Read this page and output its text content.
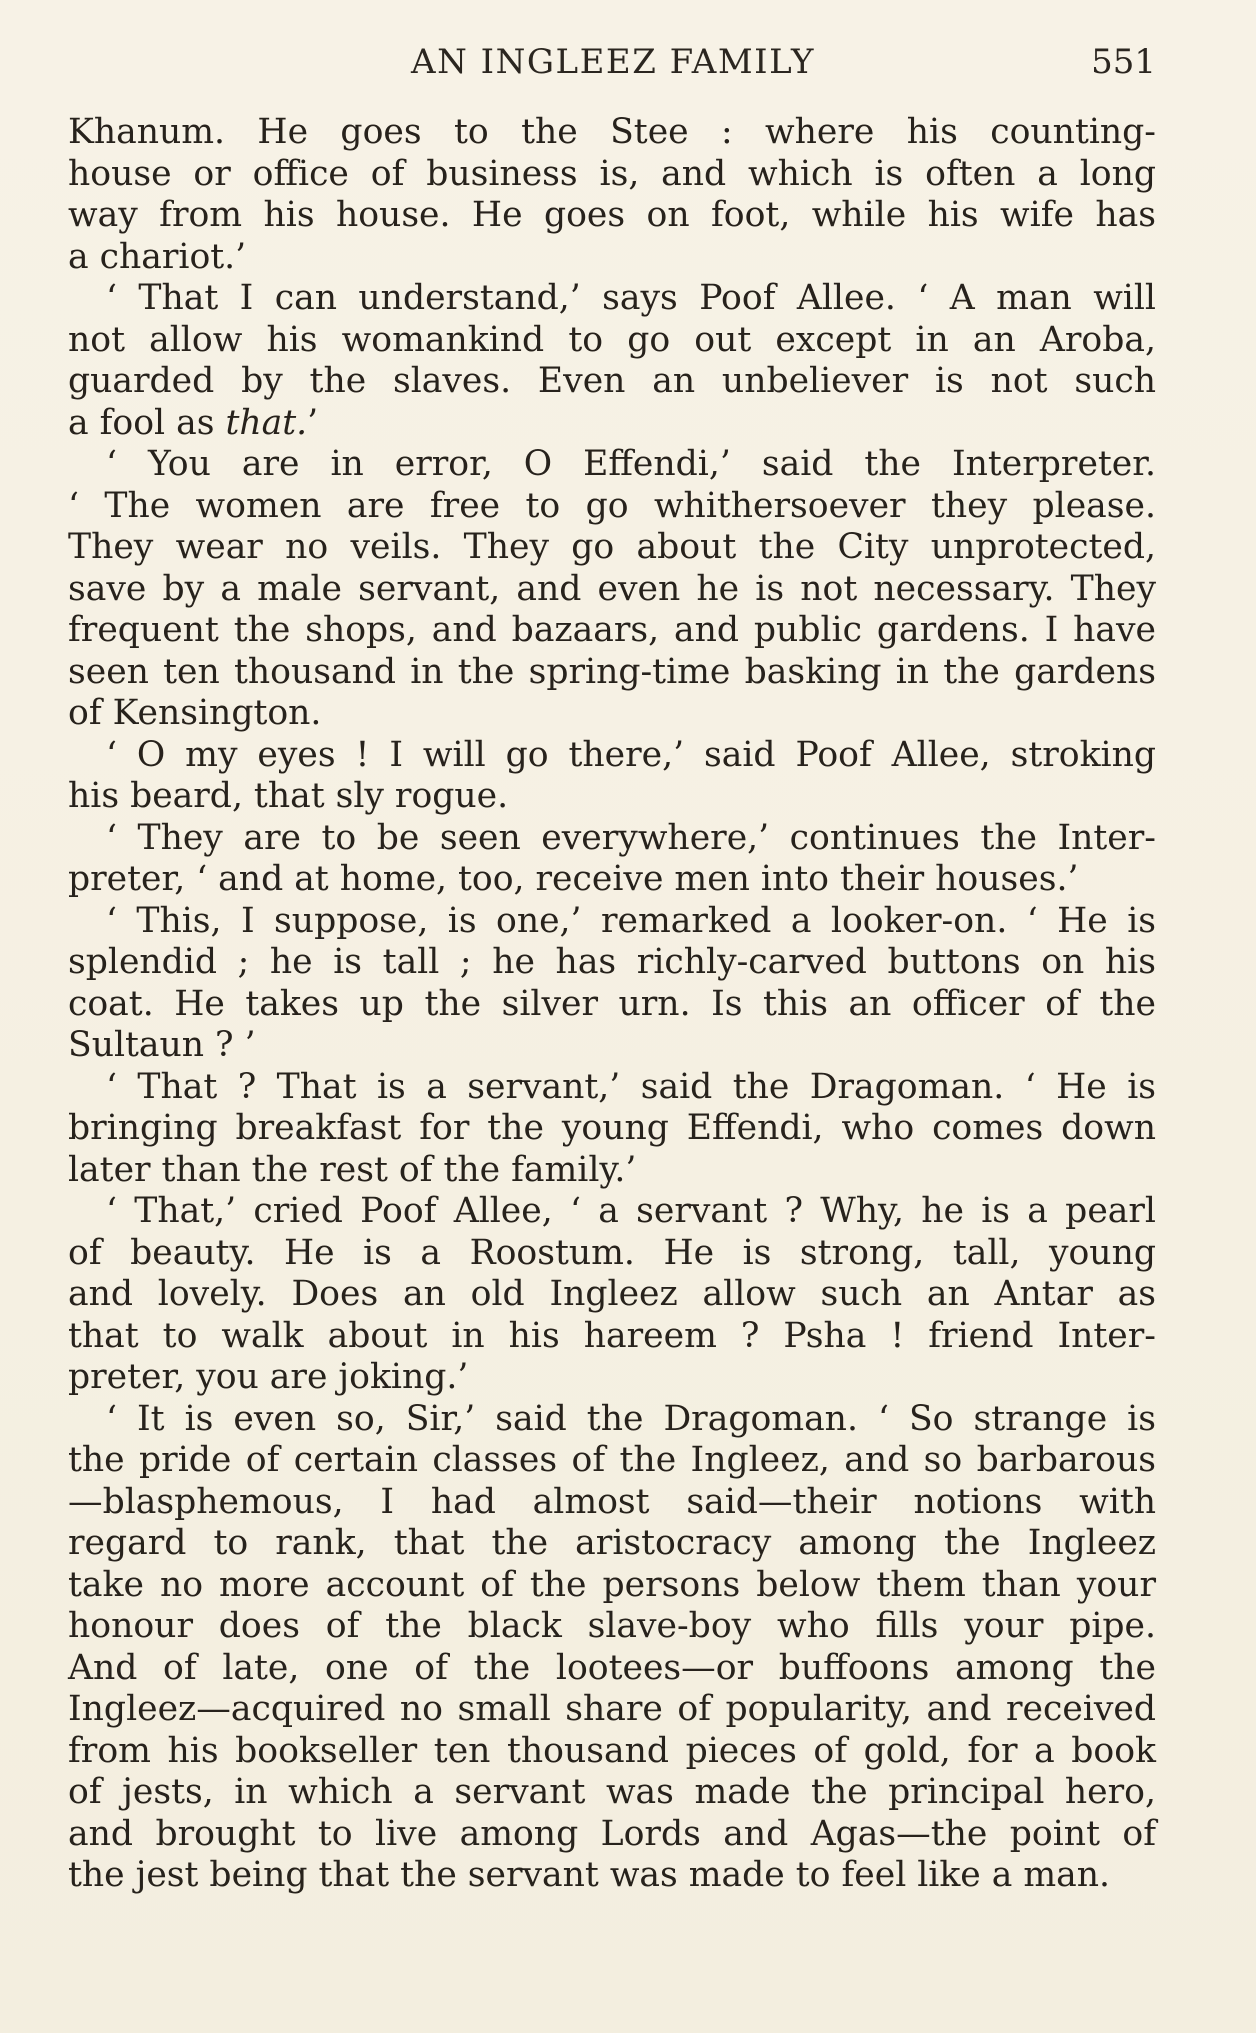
AN INGLEEZ FAMILY	551
Khanum. He goes to the Stee : where his counting-
house or office of business is, and which is often a long
way from his house. He goes on foot, while his wife has
a chariot.’
‘ That I can understand,’ says Poof Allee. ‘ A man will
not allow his womankind to go out except in an Aroba,
guarded by the slaves. Even an unbeliever is not such
a fool as that.’
‘ You are in error, O Effendi,’ said the Interpreter.
‘ The women are free to go whithersoever they please.
They wear no veils. They go about the City unprotected,
save by a male servant, and even he is not necessary. They
frequent the shops, and bazaars, and public gardens. I have
seen ten thousand in the spring-time basking in the gardens
of Kensington.
‘ O my eyes ! I will go there,’ said Poof Allee, stroking
his beard, that sly rogue.
‘ They are to be seen everywhere,’ continues the Inter-
preter, ‘ and at home, too, receive men into their houses.’
‘ This, I suppose, is one,’ remarked a looker-on. ‘ He is
splendid ; he is tall ; he has richly-carved buttons on his
coat. He takes up the silver urn. Is this an officer of the
Sultaun ? ’
‘ That ? That is a servant,’ said the Dragoman. ‘ He is
bringing breakfast for the young Effendi, who comes down
later than the rest of the family.’
‘ That,’ cried Poof Allee, ‘ a servant ? Why, he is a pearl
of beauty. He is a Roostum. He is strong, tall, young
and lovely. Does an old Ingleez allow such an Antar as
that to walk about in his hareem ? Psha ! friend Inter-
preter, you are joking.’
‘ It is even so, Sir,’ said the Dragoman. ‘ So strange is
the pride of certain classes of the Ingleez, and so barbarous
—blasphemous, I had almost said—their notions with
regard to rank, that the aristocracy among the Ingleez
take no more account of the persons below them than your
honour does of the black slave-boy who fills your pipe.
And of late, one of the lootees—or buffoons among the
Ingleez—acquired no small share of popularity, and received
from his bookseller ten thousand pieces of gold, for a book
of jests, in which a servant was made the principal hero,
and brought to live among Lords and Agas—the point of
the jest being that the servant was made to feel like a man.
